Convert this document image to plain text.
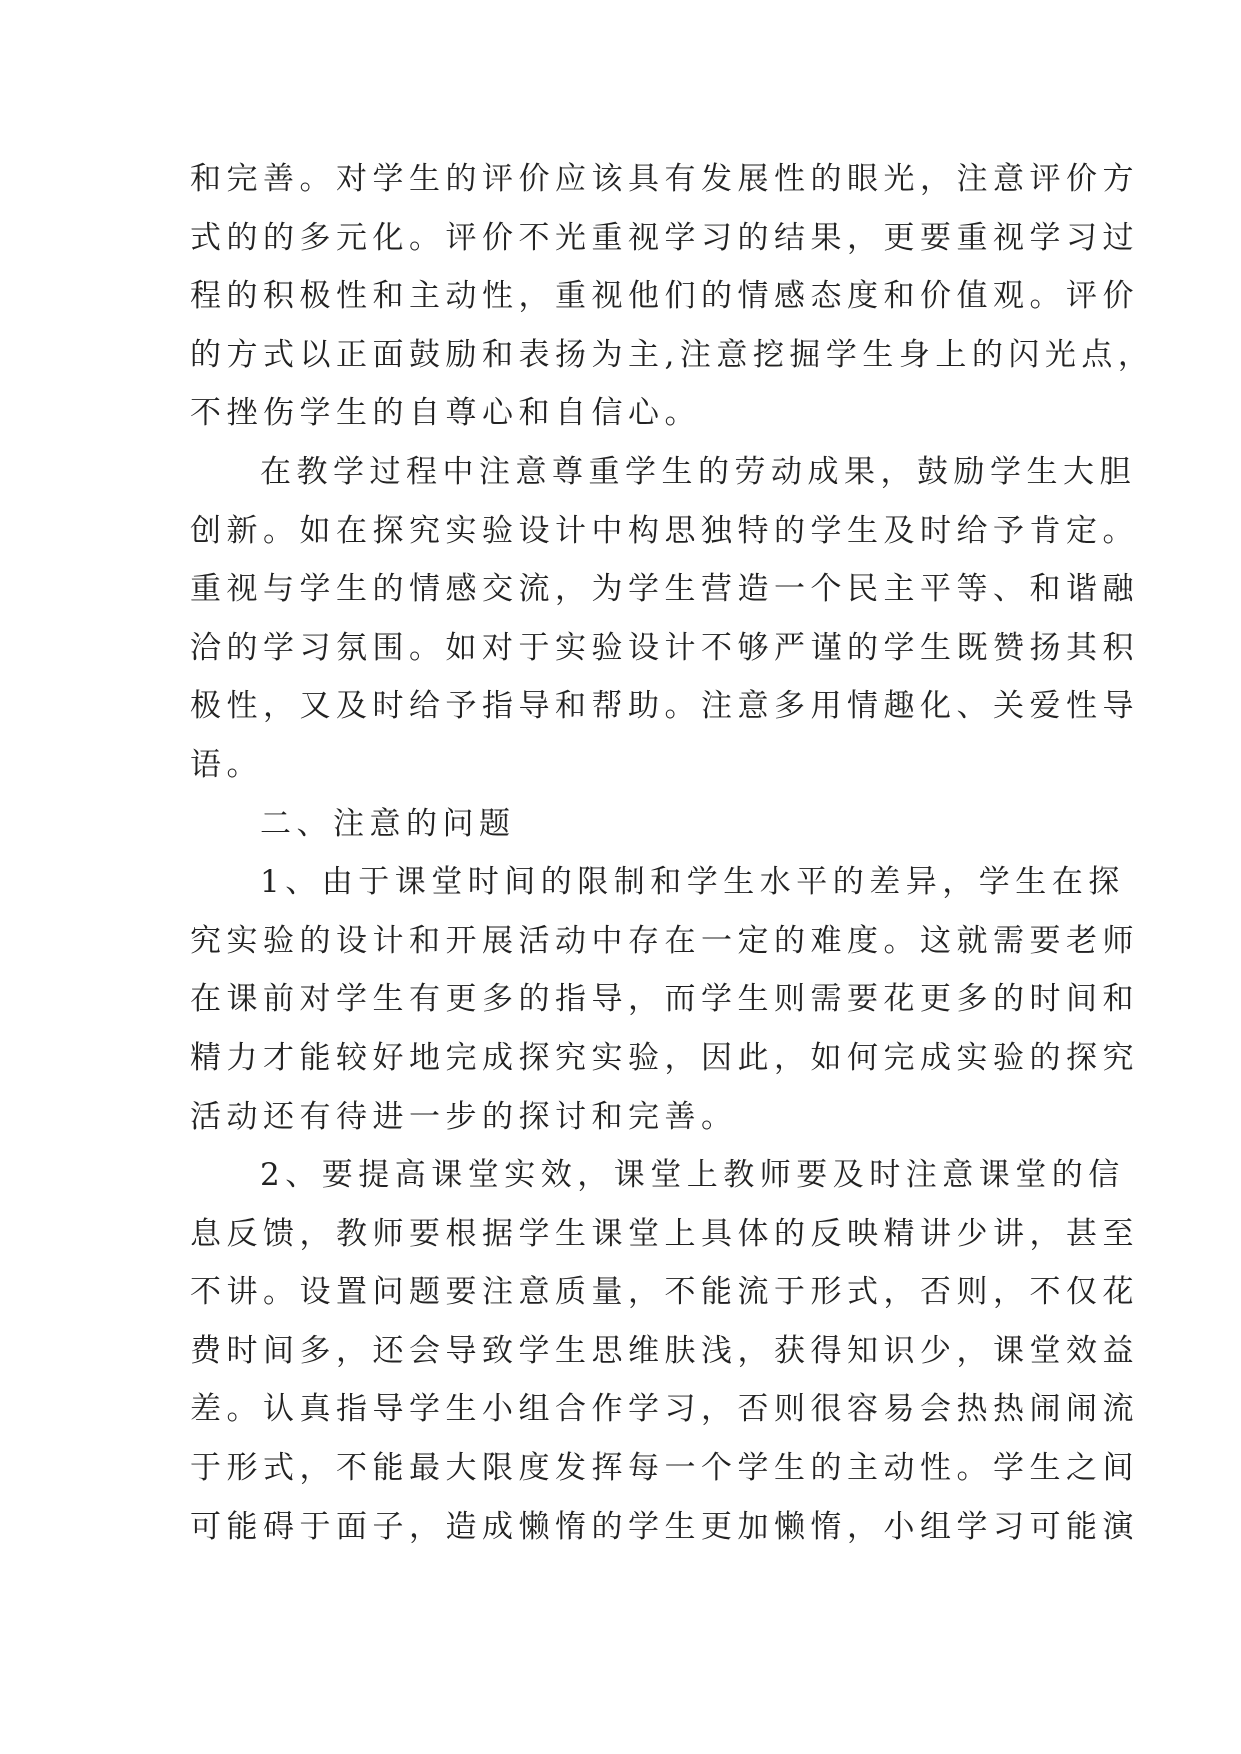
和完善。对学生的评价应该具有发展性的眼光，注意评价方
式的的多元化。评价不光重视学习的结果，更要重视学习过
程的积极性和主动性，重视他们的情感态度和价值观。评价
的方式以正面鼓励和表扬为主,注意挖掘学生身上的闪光点，
不挫伤学生的自尊心和自信心。
在教学过程中注意尊重学生的劳动成果，鼓励学生大胆
创新。如在探究实验设计中构思独特的学生及时给予肯定。
重视与学生的情感交流，为学生营造一个民主平等、和谐融
洽的学习氛围。如对于实验设计不够严谨的学生既赞扬其积
极性，又及时给予指导和帮助。注意多用情趣化、关爱性导
语。
二、注意的问题
1、由于课堂时间的限制和学生水平的差异，学生在探
究实验的设计和开展活动中存在一定的难度。这就需要老师
在课前对学生有更多的指导，而学生则需要花更多的时间和
精力才能较好地完成探究实验，因此，如何完成实验的探究
活动还有待进一步的探讨和完善。
2、要提高课堂实效，课堂上教师要及时注意课堂的信
息反馈，教师要根据学生课堂上具体的反映精讲少讲，甚至
不讲。设置问题要注意质量，不能流于形式，否则，不仅花
费时间多，还会导致学生思维肤浅，获得知识少，课堂效益
差。认真指导学生小组合作学习，否则很容易会热热闹闹流
于形式，不能最大限度发挥每一个学生的主动性。学生之间
可能碍于面子，造成懒惰的学生更加懒惰，小组学习可能演
